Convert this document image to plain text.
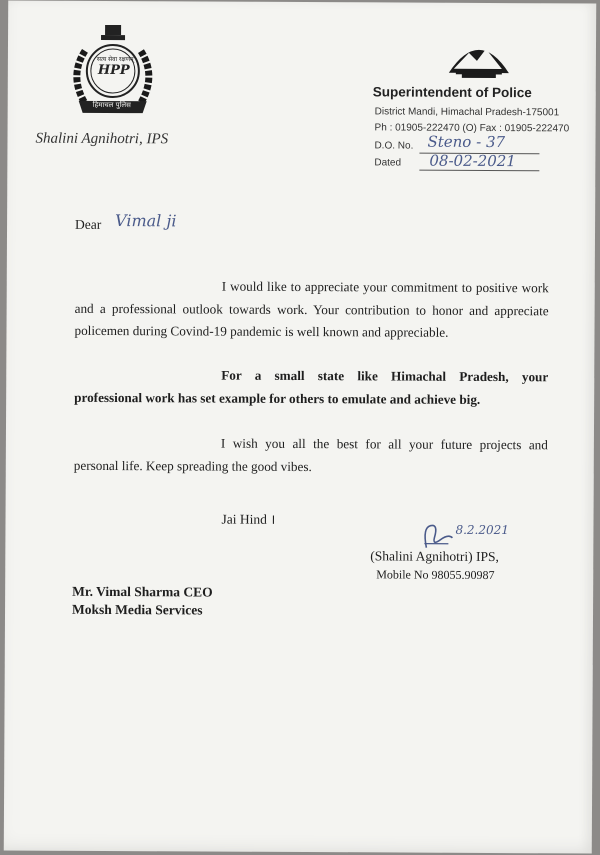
सत्य सेवा रक्षणम्
HPP
हिमाचल पुलिस
Shalini Agnihotri, IPS
Superintendent of Police
District Mandi, Himachal Pradesh-175001
Ph : 01905-222470 (O) Fax : 01905-222470
D.O. No. Steno - 37
Dated 08-02-2021
Dear Vimal ji
I would like to appreciate your commitment to positive work and a professional outlook towards work. Your contribution to honor and appreciate policemen during Covind-19 pandemic is well known and appreciable.
For a small state like Himachal Pradesh, your professional work has set example for others to emulate and achieve big.
I wish you all the best for all your future projects and personal life. Keep spreading the good vibes.
Jai Hind ।
8.2.2021
(Shalini Agnihotri) IPS,
Mobile No 98055.90987
Mr. Vimal Sharma CEO
Moksh Media Services
